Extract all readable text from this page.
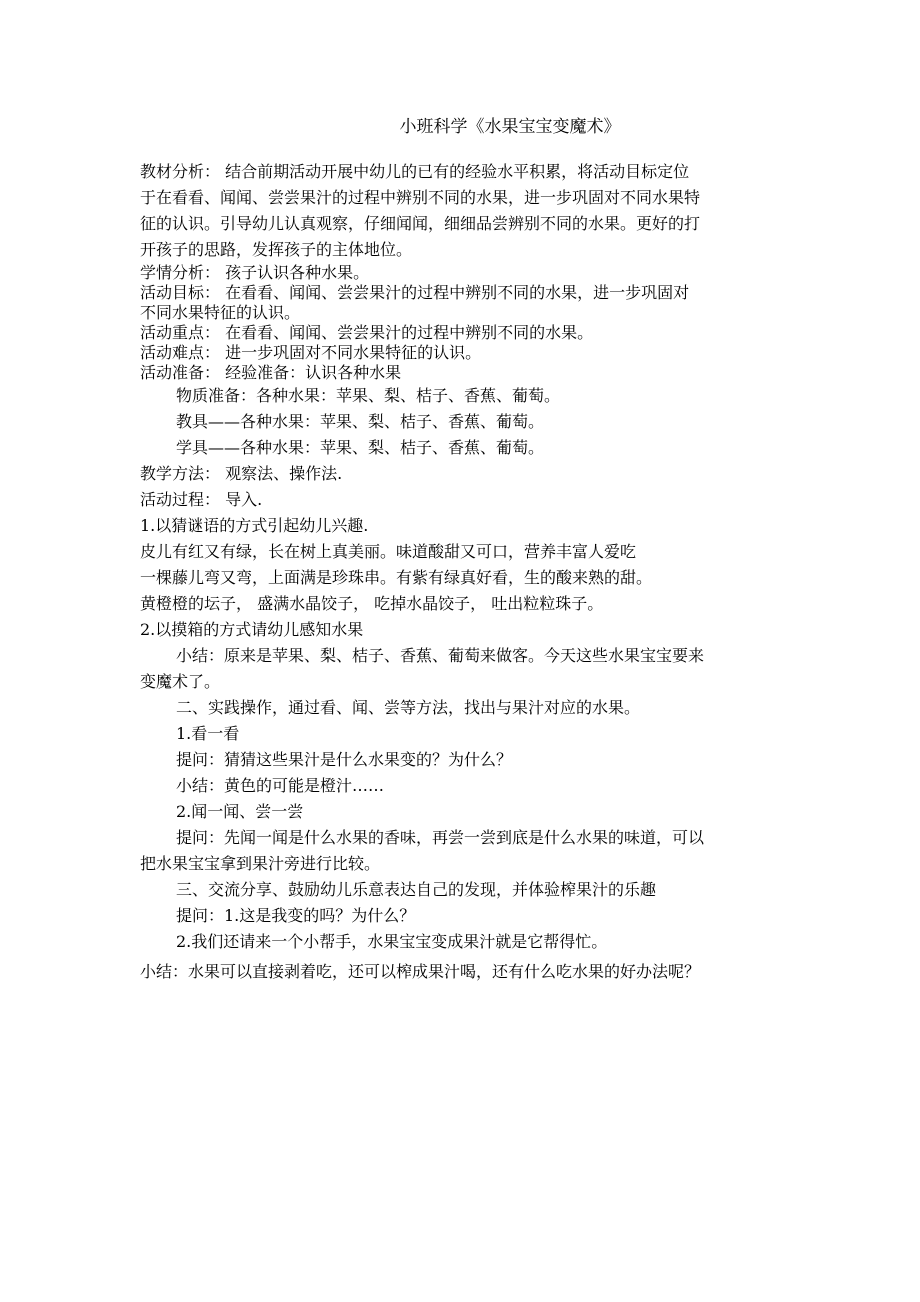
小班科学《水果宝宝变魔术》
教材分析： 结合前期活动开展中幼儿的已有的经验水平积累，将活动目标定位
于在看看、闻闻、尝尝果汁的过程中辨别不同的水果，进一步巩固对不同水果特
征的认识。引导幼儿认真观察，仔细闻闻，细细品尝辨别不同的水果。更好的打
开孩子的思路，发挥孩子的主体地位。
学情分析： 孩子认识各种水果。
活动目标： 在看看、闻闻、尝尝果汁的过程中辨别不同的水果，进一步巩固对
不同水果特征的认识。
活动重点： 在看看、闻闻、尝尝果汁的过程中辨别不同的水果。
活动难点： 进一步巩固对不同水果特征的认识。
活动准备： 经验准备：认识各种水果
物质准备：各种水果：苹果、梨、桔子、香蕉、葡萄。
教具——各种水果：苹果、梨、桔子、香蕉、葡萄。
学具——各种水果：苹果、梨、桔子、香蕉、葡萄。
教学方法： 观察法、操作法.
活动过程： 导入.
1.以猜谜语的方式引起幼儿兴趣.
皮儿有红又有绿，长在树上真美丽。味道酸甜又可口，营养丰富人爱吃
一棵藤儿弯又弯，上面满是珍珠串。有紫有绿真好看，生的酸来熟的甜。
黄橙橙的坛子， 盛满水晶饺子， 吃掉水晶饺子， 吐出粒粒珠子。
2.以摸箱的方式请幼儿感知水果
小结：原来是苹果、梨、桔子、香蕉、葡萄来做客。今天这些水果宝宝要来
变魔术了。
二、实践操作，通过看、闻、尝等方法，找出与果汁对应的水果。
1.看一看
提问：猜猜这些果汁是什么水果变的？为什么？
小结：黄色的可能是橙汁……
2.闻一闻、尝一尝
提问：先闻一闻是什么水果的香味，再尝一尝到底是什么水果的味道，可以
把水果宝宝拿到果汁旁进行比较。
三、交流分享、鼓励幼儿乐意表达自己的发现，并体验榨果汁的乐趣
提问：1.这是我变的吗？为什么？
2.我们还请来一个小帮手，水果宝宝变成果汁就是它帮得忙。
小结：水果可以直接剥着吃，还可以榨成果汁喝，还有什么吃水果的好办法呢？
